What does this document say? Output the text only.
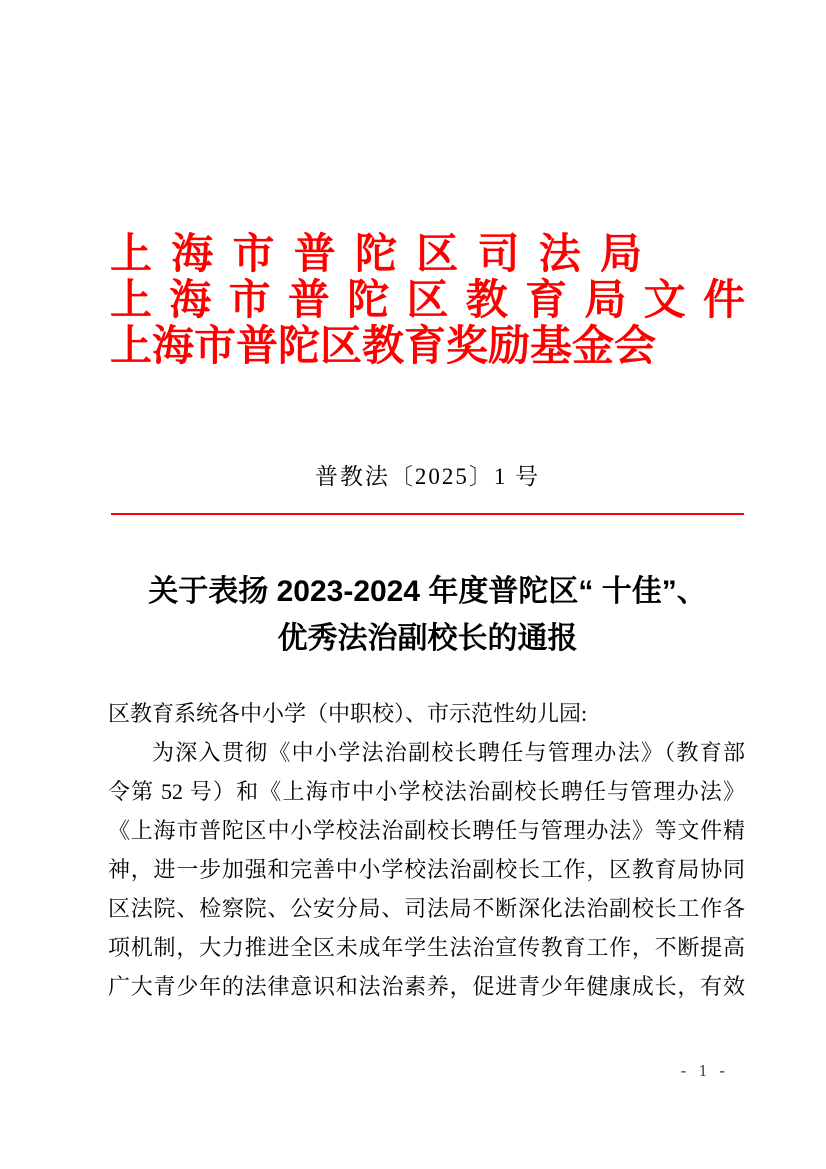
上海市普陀区司法局
上海市普陀区教育局文件
上海市普陀区教育奖励基金会
普教法〔2025〕1 号
关于表扬 2023-2024 年度普陀区“ 十佳”、
优秀法治副校长的通报
区教育系统各中小学（中职校）、市示范性幼儿园:
为深入贯彻《中小学法治副校长聘任与管理办法》（教育部
令第 52 号）和《上海市中小学校法治副校长聘任与管理办法》
《上海市普陀区中小学校法治副校长聘任与管理办法》等文件精
神，进一步加强和完善中小学校法治副校长工作，区教育局协同
区法院、检察院、公安分局、司法局不断深化法治副校长工作各
项机制，大力推进全区未成年学生法治宣传教育工作，不断提高
广大青少年的法律意识和法治素养，促进青少年健康成长，有效
- 1 -
